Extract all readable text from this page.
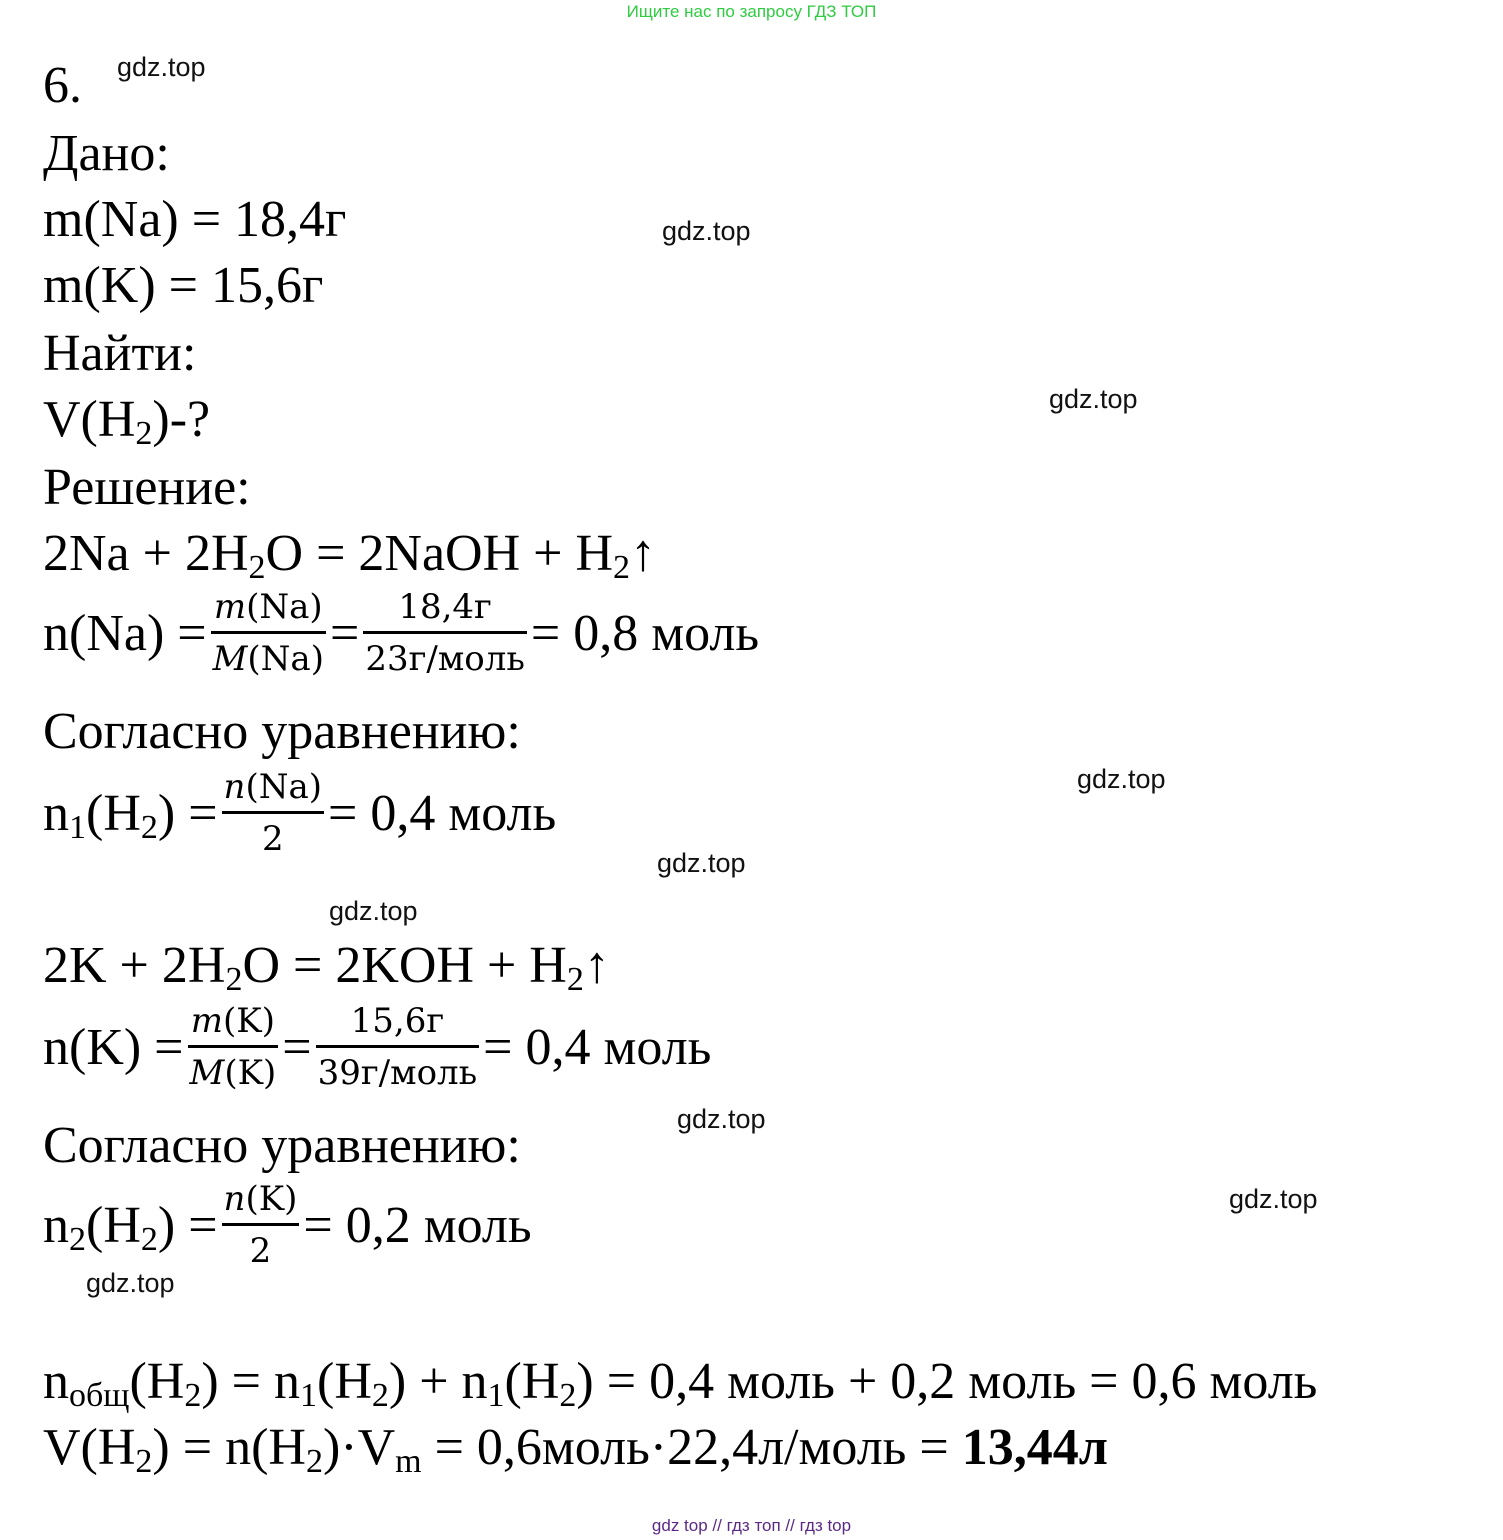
Ищите нас по запросу ГДЗ ТОП
gdz.top
gdz.top
gdz.top
gdz.top
gdz.top
gdz.top
gdz.top
gdz.top
gdz.top
6.
Дано:
m(Na) = 18,4г
m(K) = 15,6г
Найти:
$V(H_2)-$?
Решение:
$2Na + 2H_2O$ = 2NaOH + $H_2↑$
$n(Na) = \frac{m(Na)}{M(Na)} = \frac{18,4г}{\text{23г/моль}} = 0,8$ моль
Согласно уравнению:
$n_1(H_2) = \frac{n(Na)}{2} = 0,4$ моль
$2K + 2H_2O = 2KOH$ + $H_2↑$
$n(K) = \frac{m(K)}{M(K)} = \frac{15,6г}{\text{39г/моль}} = 0,4$ моль
Согласно уравнению:
$n_2(H_2) = \frac{n(K)}{2} = 0,2$ моль
$n_{общ}(H_2) = n_1(H_2) + n_1(H_2) = 0,4$ моль + 0,2 моль = 0,6 моль
$V(H_2) = n(H_2)\cdot V_m$ = 0,6моль·22,4л/моль = 13,44л
gdz top // гдз топ // гдз top
